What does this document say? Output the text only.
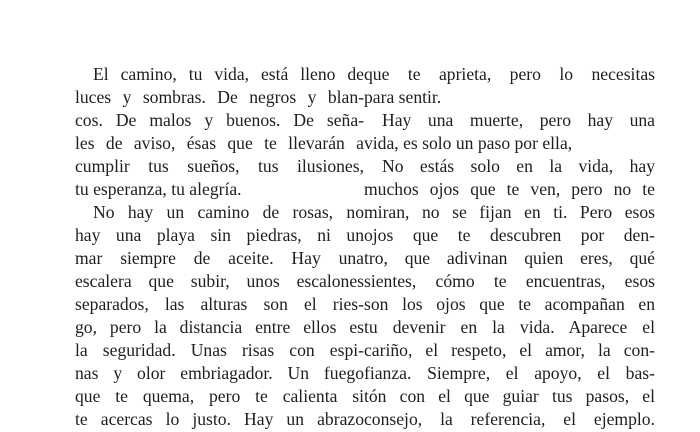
El camino, tu vida, está lleno de
luces y sombras. De negros y blan-
cos. De malos y buenos. De seña-
les de aviso, ésas que te llevarán a
cumplir tus sueños, tus ilusiones,
tu esperanza, tu alegría.
No hay un camino de rosas, no
hay una playa sin piedras, ni un
mar siempre de aceite. Hay una
escalera que subir, unos escalones
separados, las alturas son el ries-
go, pero la distancia entre ellos es
la seguridad. Unas risas con espi-
nas y olor embriagador. Un fuego
que te quema, pero te calienta si
te acercas lo justo. Hay un abrazo
que te aprieta, pero lo necesitas
para sentir.
Hay una muerte, pero hay una
vida, es solo un paso por ella,
No estás solo en la vida, hay
muchos ojos que te ven, pero no te
miran, no se fijan en ti. Pero esos
ojos que te descubren por den-
tro, que adivinan quien eres, qué
sientes, cómo te encuentras, esos
son los ojos que te acompañan en
tu devenir en la vida. Aparece el
cariño, el respeto, el amor, la con-
fianza. Siempre, el apoyo, el bas-
tón con el que guiar tus pasos, el
consejo, la referencia, el ejemplo.
